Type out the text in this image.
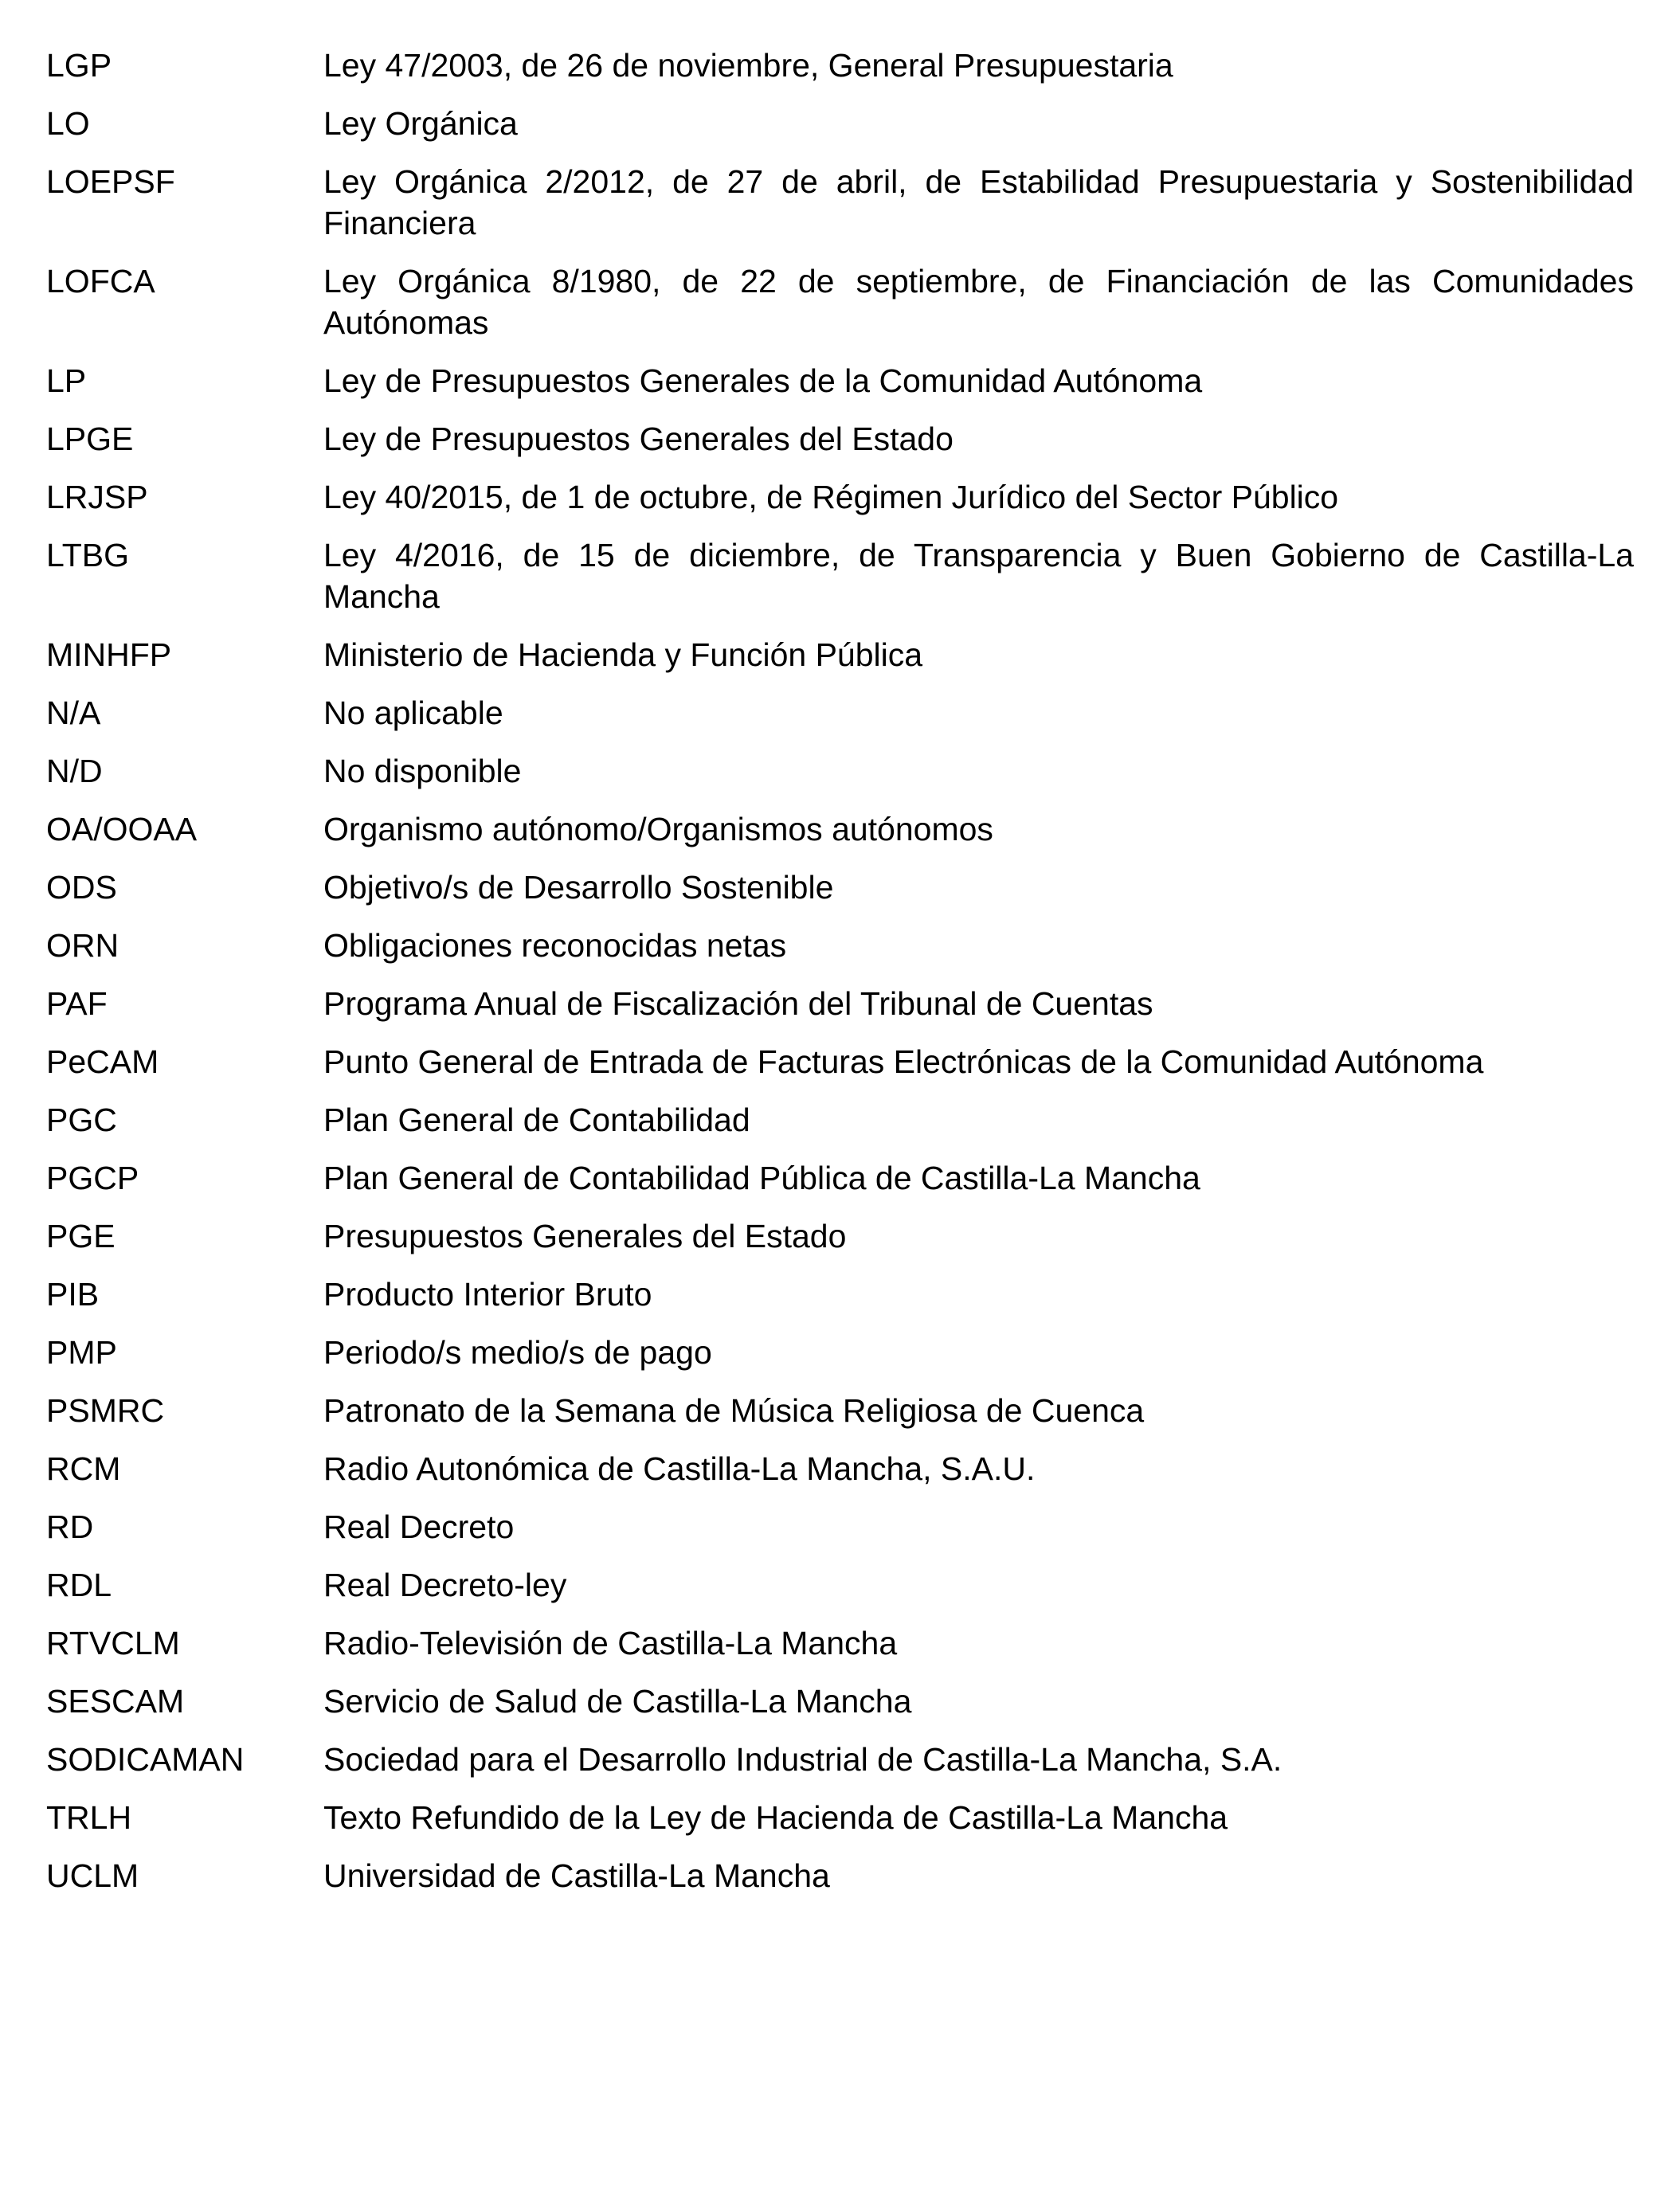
LGP	Ley 47/2003, de 26 de noviembre, General Presupuestaria
LO	Ley Orgánica
LOEPSF	Ley Orgánica 2/2012, de 27 de abril, de Estabilidad Presupuestaria y Sostenibilidad Financiera
LOFCA	Ley Orgánica 8/1980, de 22 de septiembre, de Financiación de las Comunidades Autónomas
LP	Ley de Presupuestos Generales de la Comunidad Autónoma
LPGE	Ley de Presupuestos Generales del Estado
LRJSP	Ley 40/2015, de 1 de octubre, de Régimen Jurídico del Sector Público
LTBG	Ley 4/2016, de 15 de diciembre, de Transparencia y Buen Gobierno de Castilla-La Mancha
MINHFP	Ministerio de Hacienda y Función Pública
N/A	No aplicable
N/D	No disponible
OA/OOAA	Organismo autónomo/Organismos autónomos
ODS	Objetivo/s de Desarrollo Sostenible
ORN	Obligaciones reconocidas netas
PAF	Programa Anual de Fiscalización del Tribunal de Cuentas
PeCAM	Punto General de Entrada de Facturas Electrónicas de la Comunidad Autónoma
PGC	Plan General de Contabilidad
PGCP	Plan General de Contabilidad Pública de Castilla-La Mancha
PGE	Presupuestos Generales del Estado
PIB	Producto Interior Bruto
PMP	Periodo/s medio/s de pago
PSMRC	Patronato de la Semana de Música Religiosa de Cuenca
RCM	Radio Autonómica de Castilla-La Mancha, S.A.U.
RD	Real Decreto
RDL	Real Decreto-ley
RTVCLM	Radio-Televisión de Castilla-La Mancha
SESCAM	Servicio de Salud de Castilla-La Mancha
SODICAMAN	Sociedad para el Desarrollo Industrial de Castilla-La Mancha, S.A.
TRLH	Texto Refundido de la Ley de Hacienda de Castilla-La Mancha
UCLM	Universidad de Castilla-La Mancha
